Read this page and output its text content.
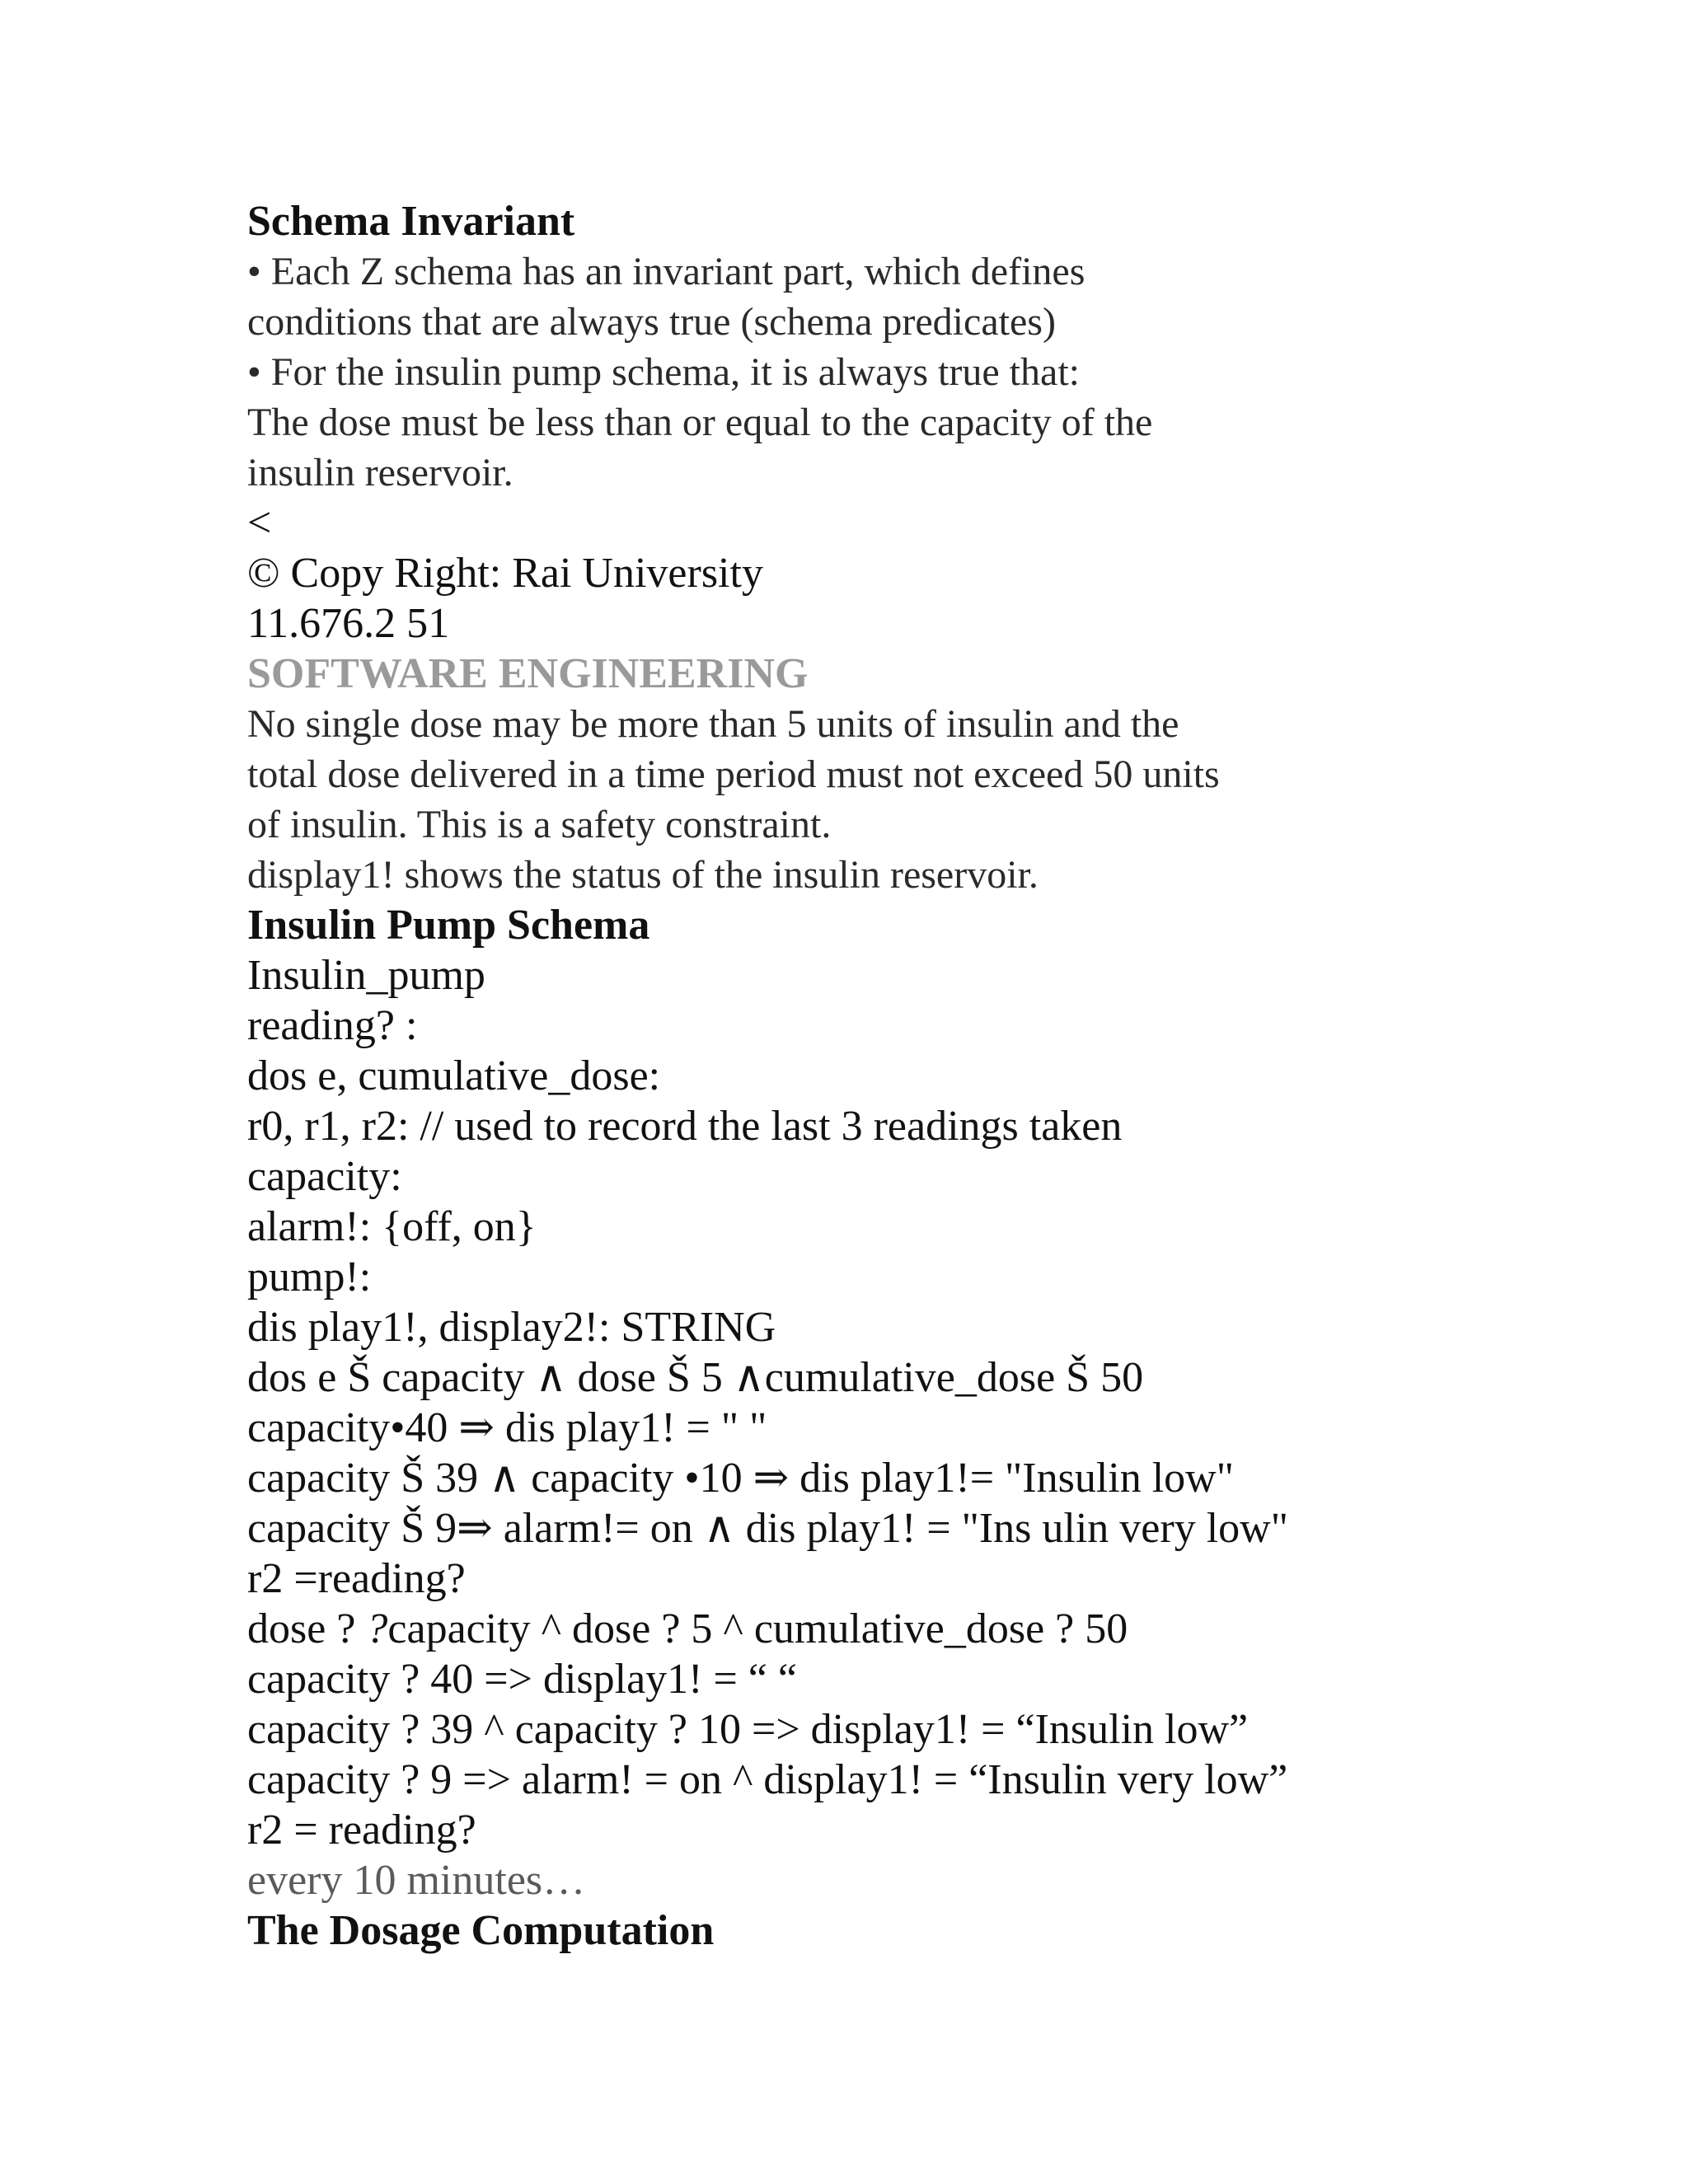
Schema Invariant
• Each Z schema has an invariant part, which defines
conditions that are always true (schema predicates)
• For the insulin pump schema, it is always true that:
The dose must be less than or equal to the capacity of the
insulin reservoir.
<
© Copy Right: Rai University
11.676.2 51
SOFTWARE ENGINEERING
No single dose may be more than 5 units of insulin and the
total dose delivered in a time period must not exceed 50 units
of insulin. This is a safety constraint.
display1! shows the status of the insulin reservoir.
Insulin Pump Schema
Insulin_pump
reading? :
dos e, cumulative_dose:
r0, r1, r2: // used to record the last 3 readings taken
capacity:
alarm!: {off, on}
pump!:
dis play1!, display2!: STRING
dos e Š capacity ∧ dose Š 5 ∧cumulative_dose Š 50
capacity•40 ⇒ dis play1! = " "
capacity Š 39 ∧ capacity •10 ⇒ dis play1!= "Insulin low"
capacity Š 9⇒ alarm!= on ∧ dis play1! = "Ins ulin very low"
r2 =reading?
dose ? ?capacity ^ dose ? 5 ^ cumulative_dose ? 50
capacity ? 40 => display1! = “ “
capacity ? 39 ^ capacity ? 10 => display1! = “Insulin low”
capacity ? 9 => alarm! = on ^ display1! = “Insulin very low”
r2 = reading?
every 10 minutes…
The Dosage Computation
